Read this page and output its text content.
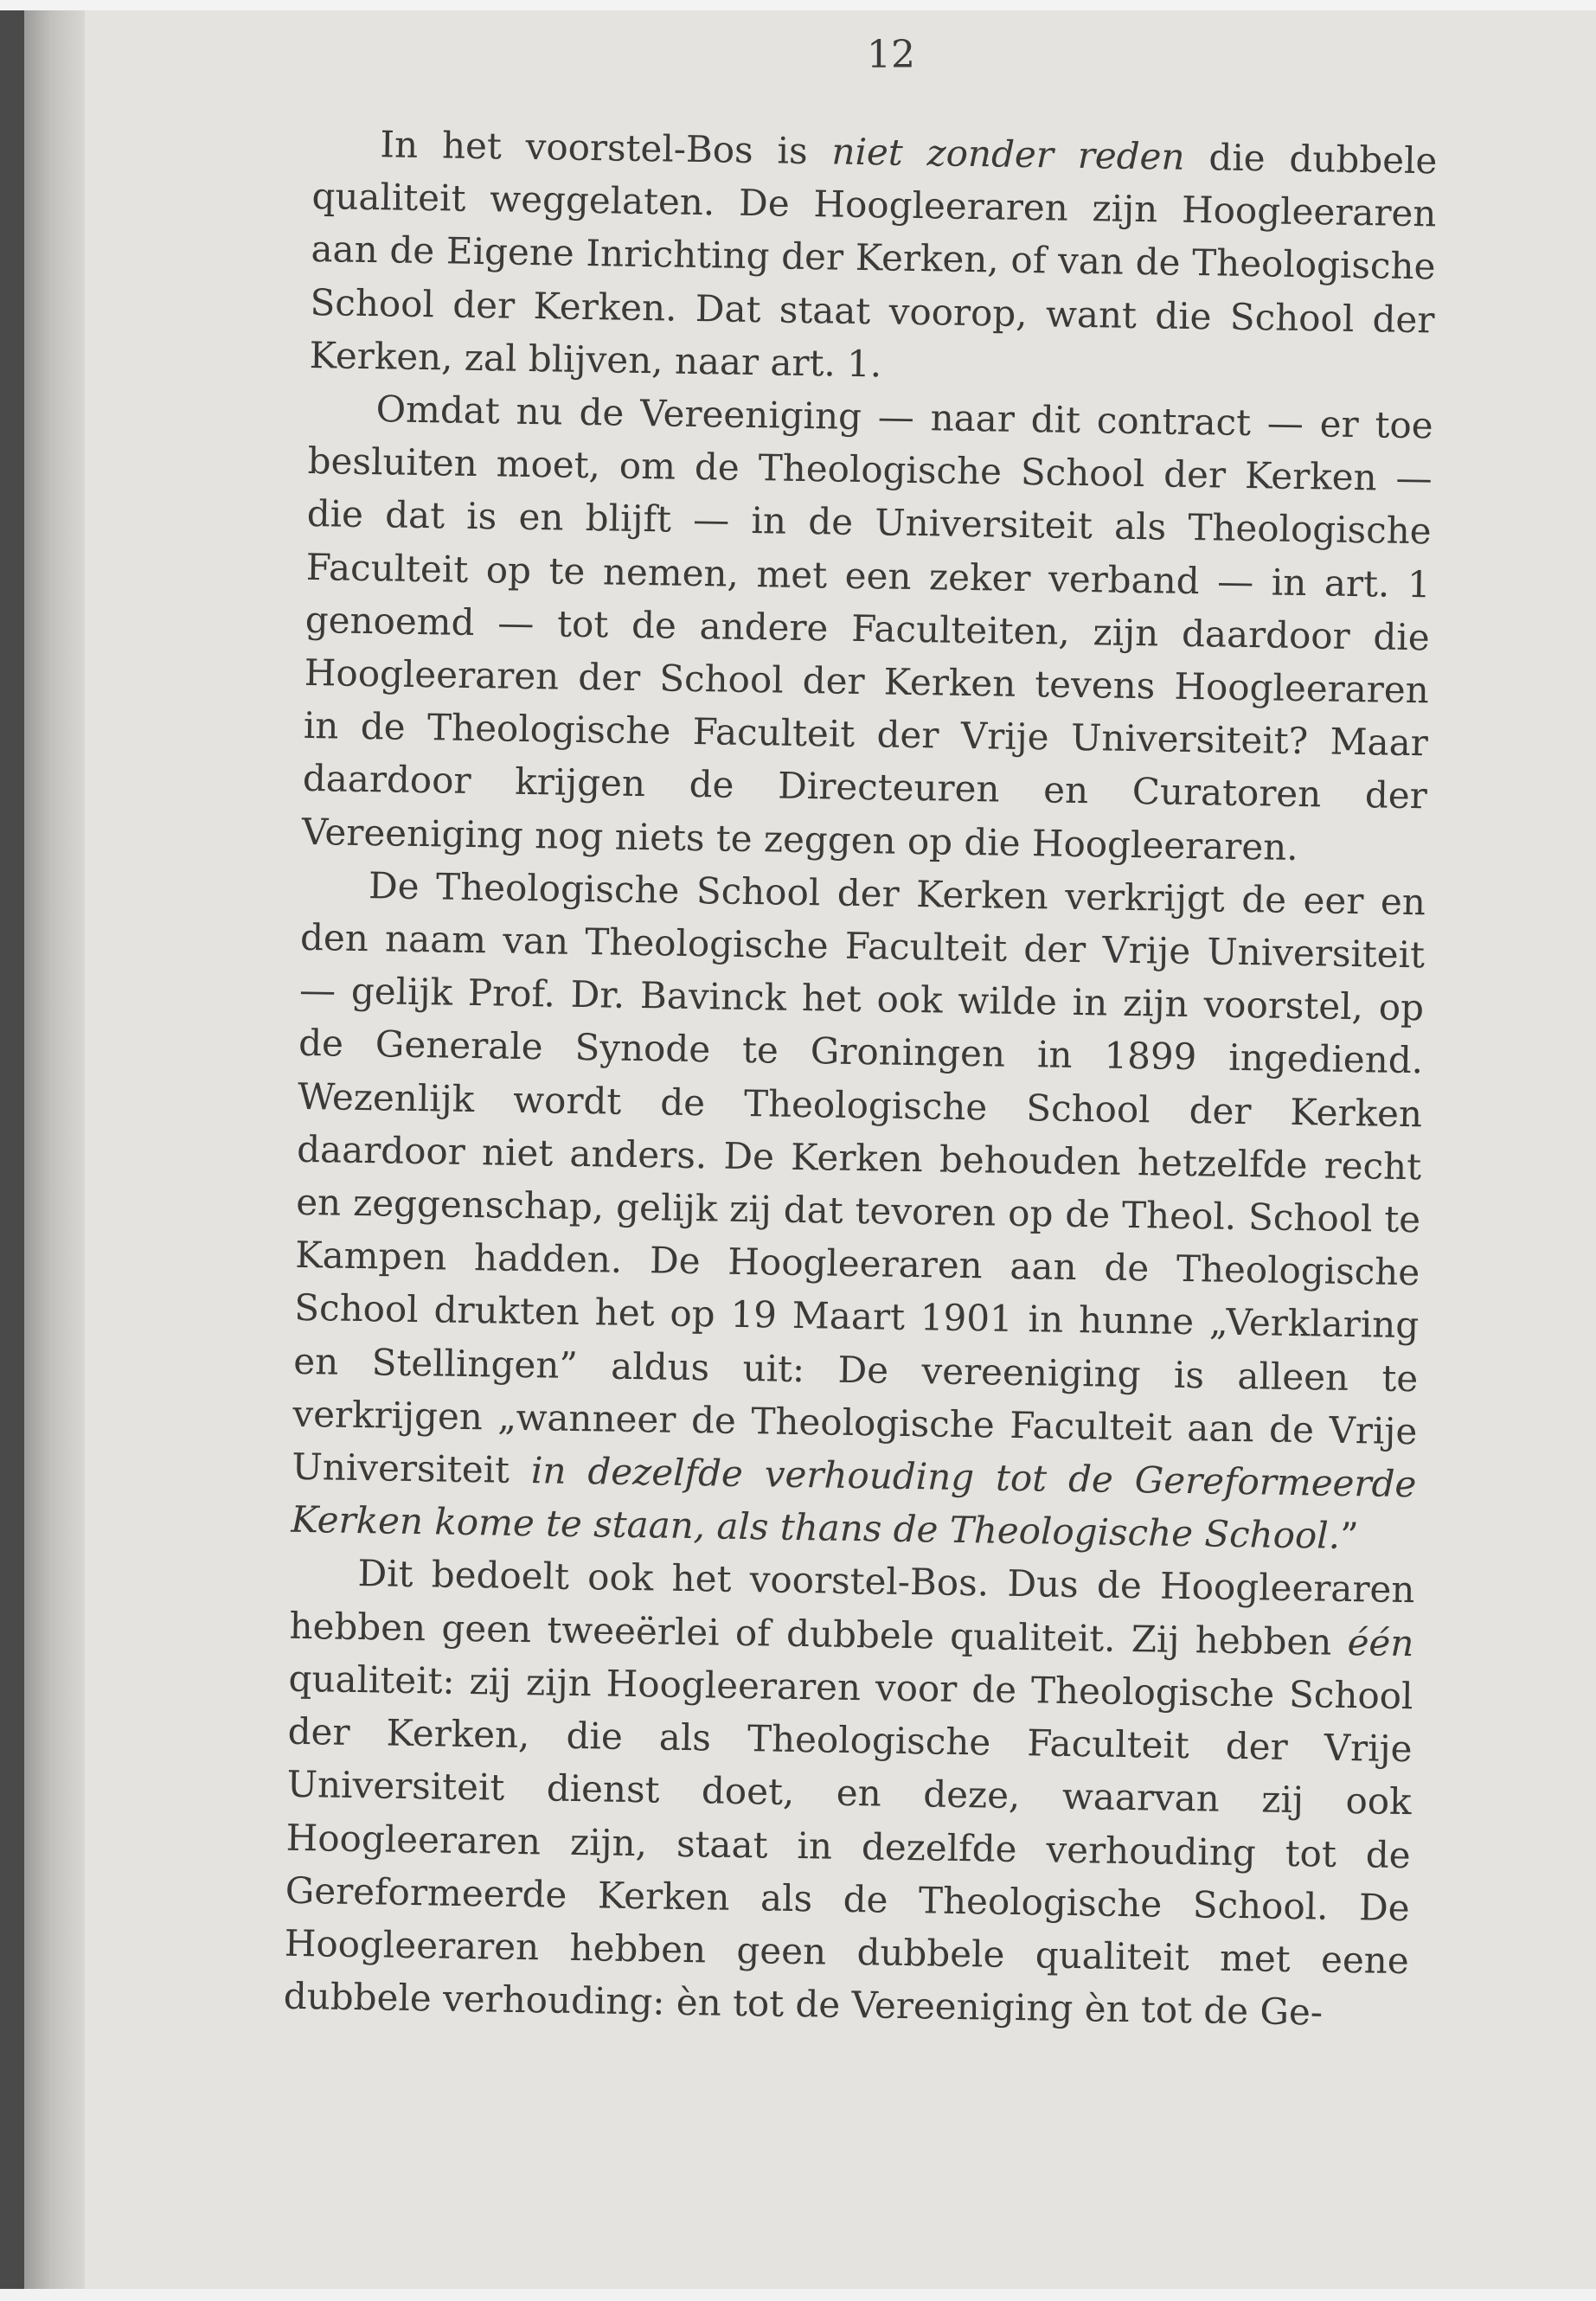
12

In het voorstel-Bos is niet zonder reden die dubbele qualiteit weggelaten. De Hoogleeraren zijn Hoogleeraren aan de Eigene Inrichting der Kerken, of van de Theologische School der Kerken. Dat staat voorop, want die School der Kerken, zal blijven, naar art. 1.

Omdat nu de Vereeniging — naar dit contract — er toe besluiten moet, om de Theologische School der Kerken — die dat is en blijft — in de Universiteit als Theologische Faculteit op te nemen, met een zeker verband — in art. 1 genoemd — tot de andere Faculteiten, zijn daardoor die Hoogleeraren der School der Kerken tevens Hoogleeraren in de Theologische Faculteit der Vrije Universiteit? Maar daardoor krijgen de Directeuren en Curatoren der Vereeniging nog niets te zeggen op die Hoogleeraren.

De Theologische School der Kerken verkrijgt de eer en den naam van Theologische Faculteit der Vrije Universiteit — gelijk Prof. Dr. Bavinck het ook wilde in zijn voorstel, op de Generale Synode te Groningen in 1899 ingediend. Wezenlijk wordt de Theologische School der Kerken daardoor niet anders. De Kerken behouden hetzelfde recht en zeggenschap, gelijk zij dat tevoren op de Theol. School te Kampen hadden. De Hoogleeraren aan de Theologische School drukten het op 19 Maart 1901 in hunne „Verklaring en Stellingen” aldus uit: De vereeniging is alleen te verkrijgen „wanneer de Theologische Faculteit aan de Vrije Universiteit in dezelfde verhouding tot de Gereformeerde Kerken kome te staan, als thans de Theologische School.”

Dit bedoelt ook het voorstel-Bos. Dus de Hoogleeraren hebben geen tweeërlei of dubbele qualiteit. Zij hebben één qualiteit: zij zijn Hoogleeraren voor de Theologische School der Kerken, die als Theologische Faculteit der Vrije Universiteit dienst doet, en deze, waarvan zij ook Hoogleeraren zijn, staat in dezelfde verhouding tot de Gereformeerde Kerken als de Theologische School. De Hoogleeraren hebben geen dubbele qualiteit met eene dubbele verhouding: èn tot de Vereeniging èn tot de Ge-
